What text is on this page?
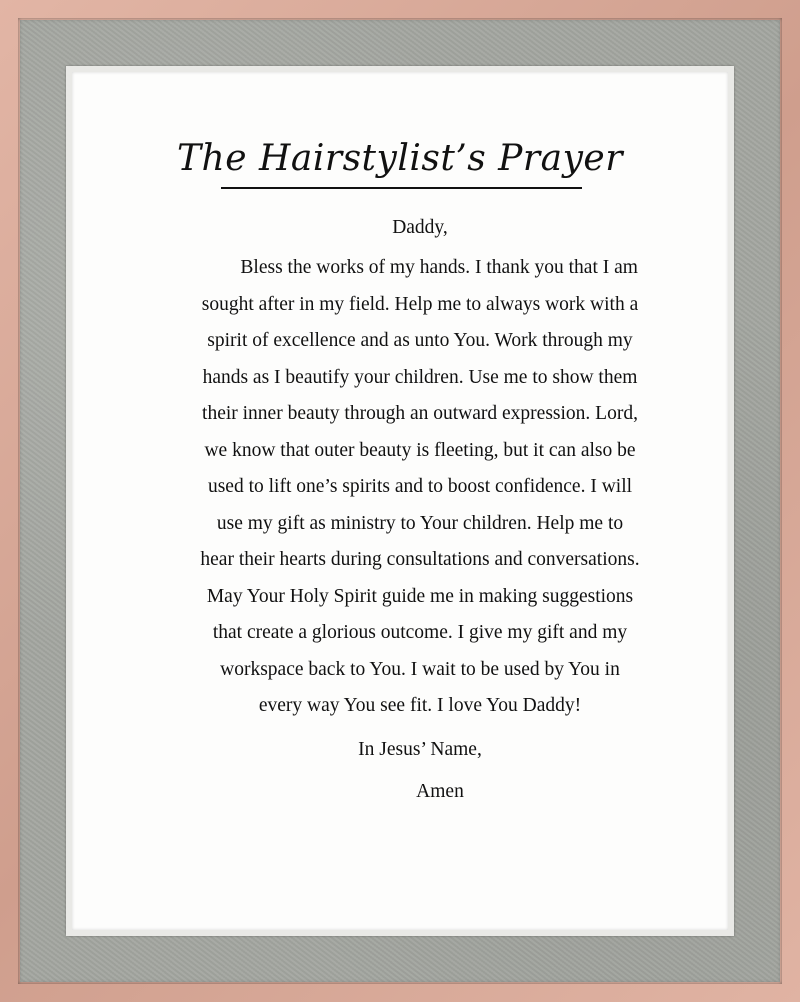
The Hairstylist’s Prayer
Daddy,
Bless the works of my hands. I thank you that I am
sought after in my field. Help me to always work with a
spirit of excellence and as unto You. Work through my
hands as I beautify your children. Use me to show them
their inner beauty through an outward expression. Lord,
we know that outer beauty is fleeting, but it can also be
used to lift one’s spirits and to boost confidence. I will
use my gift as ministry to Your children. Help me to
hear their hearts during consultations and conversations.
May Your Holy Spirit guide me in making suggestions
that create a glorious outcome. I give my gift and my
workspace back to You. I wait to be used by You in
every way You see fit. I love You Daddy!
In Jesus’ Name,
Amen
